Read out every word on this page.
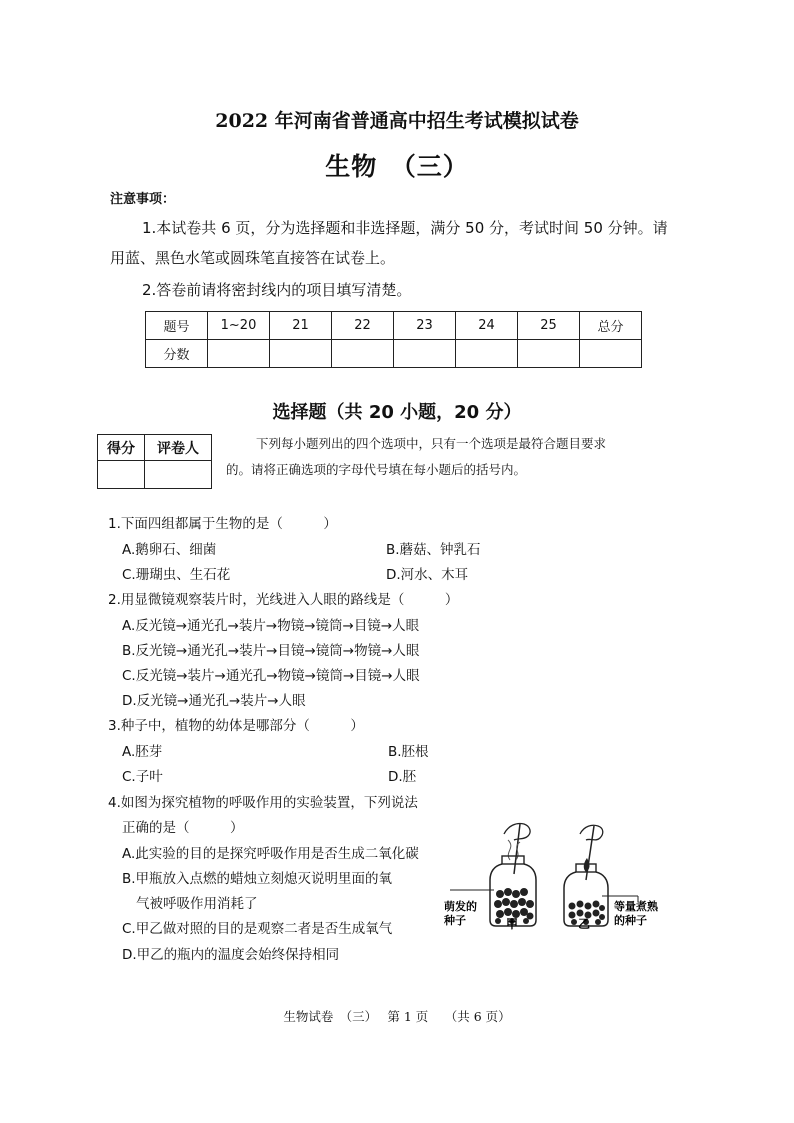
2022 年河南省普通高中招生考试模拟试卷
生物　（三）
注意事项：
1.本试卷共 6 页，分为选择题和非选择题，满分 50 分，考试时间 50 分钟。请
用蓝、黑色水笔或圆珠笔直接答在试卷上。
2.答卷前请将密封线内的项目填写清楚。
题号	1~20	21	22	23	24	25	总分
分数							
选择题（共 20 小题，20 分）
得分	评卷人
		下列每小题列出的四个选项中，只有一个选项是最符合题目要求
的。请将正确选项的字母代号填在每小题后的括号内。
1.下面四组都属于生物的是（　　　）
A.鹅卵石、细菌	B.蘑菇、钟乳石
C.珊瑚虫、生石花	D.河水、木耳
2.用显微镜观察装片时，光线进入人眼的路线是（　　　）
A.反光镜→通光孔→装片→物镜→镜筒→目镜→人眼
B.反光镜→通光孔→装片→目镜→镜筒→物镜→人眼
C.反光镜→装片→通光孔→物镜→镜筒→目镜→人眼
D.反光镜→通光孔→装片→人眼
3.种子中，植物的幼体是哪部分（　　　）
A.胚芽	B.胚根
C.子叶	D.胚
4.如图为探究植物的呼吸作用的实验装置，下列说法
正确的是（　　　）
A.此实验的目的是探究呼吸作用是否生成二氧化碳
B.甲瓶放入点燃的蜡烛立刻熄灭说明里面的氧
气被呼吸作用消耗了
C.甲乙做对照的目的是观察二者是否生成氧气
D.甲乙的瓶内的温度会始终保持相同
萌发的
种子	甲	乙
等量煮熟
的种子
生物试卷　（三）　 第 1 页　 （共 6 页）
